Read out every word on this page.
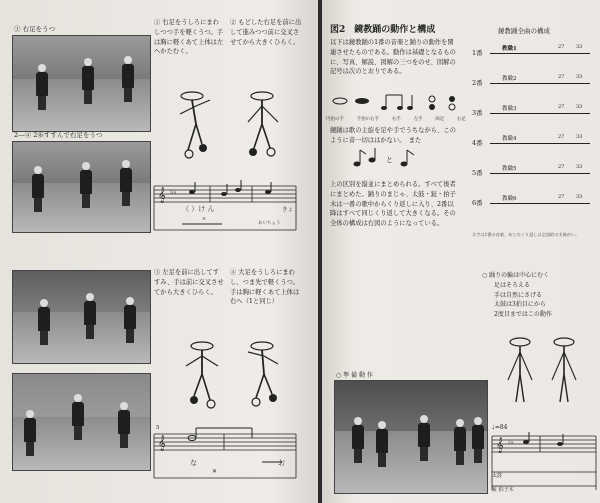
① 右足をうつ
2—④ 2歩すすんで右足をうつ
① 右足をうしろにまわしつつ手を軽くうつ。手は胸に軽くあて上体は左へかたむく。
② もどした右足を前に出して進みつつ前に交叉させてから大きくひらく。
𝄞 ♭♭
×
（ ）け ん	きょ
あいちょう
③ 左足を前に出してすすみ、手は前に交叉させてから大きくひらく。
④ 大足をうしろにまわし、つま先で軽くうつ。手は胸に軽くあて上体は右へ（1と同じ）
𝄞
✕
5
な	お
図2　鏡教踊の動作と構成
以下は鏡教踊の1番の音楽と踊りの動作を関連させたものである。動作は基礎となるものに、写真、解説、図解の三つをのせ、図解の記号は次のとおりである。
円拍の手	手拍の右手	右手	左手	両足	右足
鏡踊は歌の主旋を足や手でうちながら、このように音一切ははかない。　また
と
上の区別を縦並にまとめられる。すべて後者にまとめた。踊りのまじゃ、太鼓・鉦・拍子木は一番の歌中からくり返しに入り、2番以降はすべて同じくり返して大きくなる。その全体の構成は右図のようになっている。
鏡教踊全曲の構成
1番	教職1	27 33
2番	教職2	27 33
3番	教職3	27 33
4番	教職4	27 33
5番	教職5	27 33
6番	教職6	27 33
太字は1番の音楽、あとのくり返しは全国的の太鼓がい。
○ 踊りの輪は中心にむく
足はそろえる
手は自然にさげる
太鼓は3拍目にから
2度目まではこの動作
○ 準 備 動 作
♩=84
𝄞 ♭♭
太鼓
鉦 拍子木
